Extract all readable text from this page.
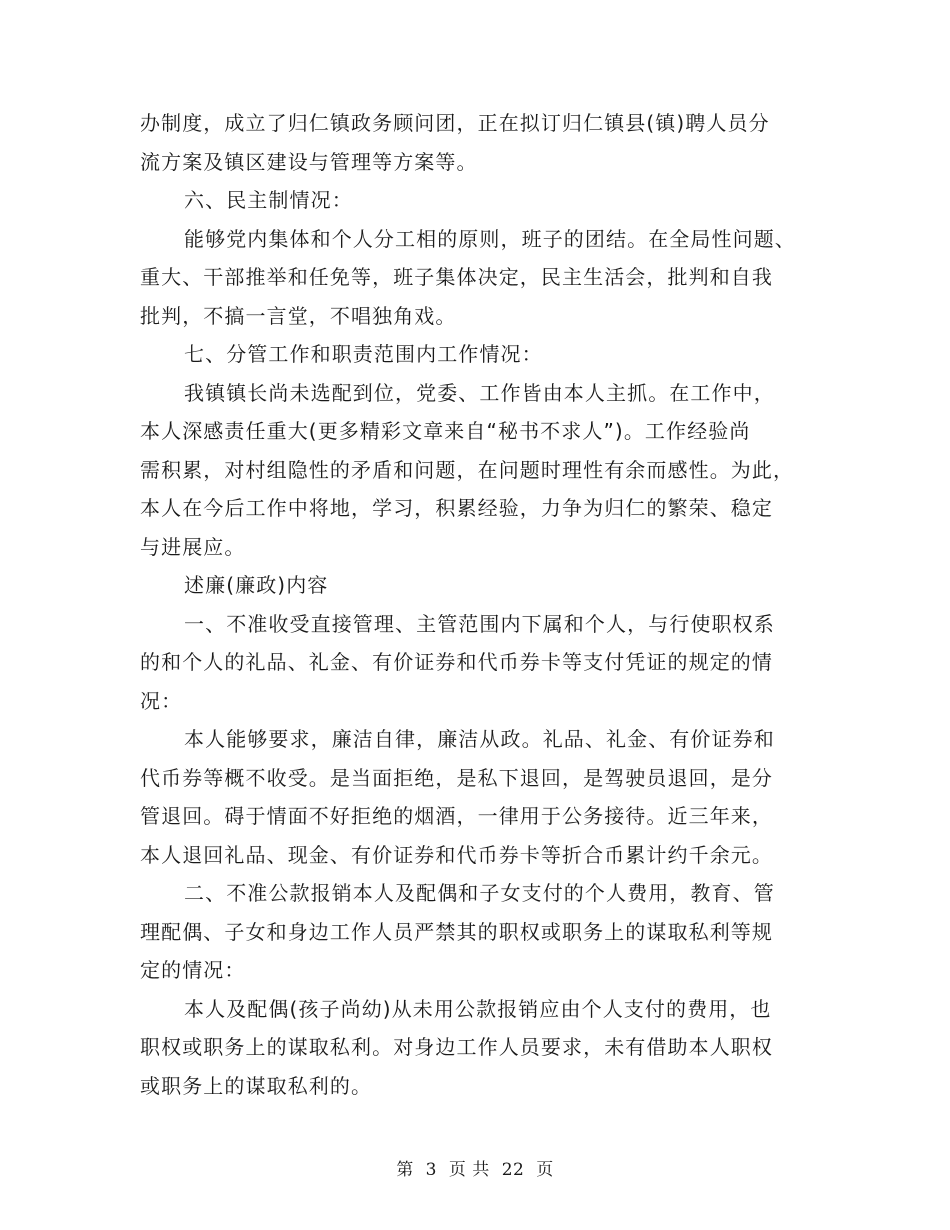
办制度，成立了归仁镇政务顾问团，正在拟订归仁镇县(镇)聘人员分
流方案及镇区建设与管理等方案等。
六、民主制情况：
能够党内集体和个人分工相的原则，班子的团结。在全局性问题、
重大、干部推举和任免等，班子集体决定，民主生活会，批判和自我
批判，不搞一言堂，不唱独角戏。
七、分管工作和职责范围内工作情况：
我镇镇长尚未选配到位，党委、工作皆由本人主抓。在工作中，
本人深感责任重大(更多精彩文章来自“秘书不求人”)。工作经验尚
需积累，对村组隐性的矛盾和问题，在问题时理性有余而感性。为此，
本人在今后工作中将地，学习，积累经验，力争为归仁的繁荣、稳定
与进展应。
述廉(廉政)内容
一、不准收受直接管理、主管范围内下属和个人，与行使职权系
的和个人的礼品、礼金、有价证券和代币券卡等支付凭证的规定的情
况：
本人能够要求，廉洁自律，廉洁从政。礼品、礼金、有价证券和
代币券等概不收受。是当面拒绝，是私下退回，是驾驶员退回，是分
管退回。碍于情面不好拒绝的烟酒，一律用于公务接待。近三年来，
本人退回礼品、现金、有价证券和代币券卡等折合币累计约千余元。
二、不准公款报销本人及配偶和子女支付的个人费用，教育、管
理配偶、子女和身边工作人员严禁其的职权或职务上的谋取私利等规
定的情况：
本人及配偶(孩子尚幼)从未用公款报销应由个人支付的费用，也
职权或职务上的谋取私利。对身边工作人员要求，未有借助本人职权
或职务上的谋取私利的。
第 3 页 共 22 页
